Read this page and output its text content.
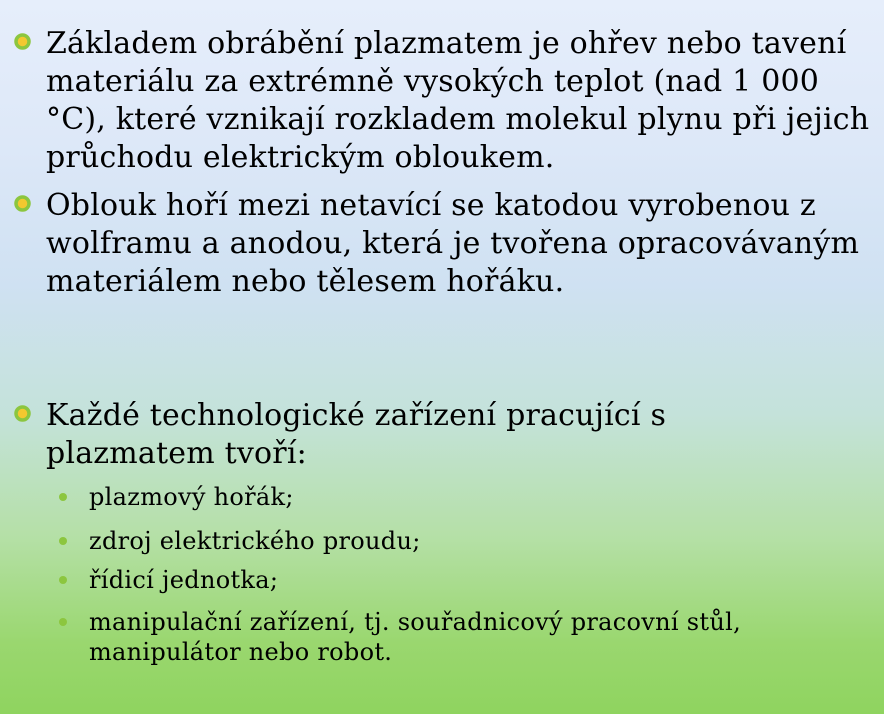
Základem obrábění plazmatem je ohřev nebo tavení materiálu za extrémně vysokých teplot (nad 1 000 °C), které vznikají rozkladem molekul plynu při jejich průchodu elektrickým obloukem.
Oblouk hoří mezi netavící se katodou vyrobenou z wolframu a anodou, která je tvořena opracovávaným materiálem nebo tělesem hořáku.
Každé technologické zařízení pracující s plazmatem tvoří:
plazmový hořák;
zdroj elektrického proudu;
řídicí jednotka;
manipulační zařízení, tj. souřadnicový pracovní stůl, manipulátor nebo robot.
